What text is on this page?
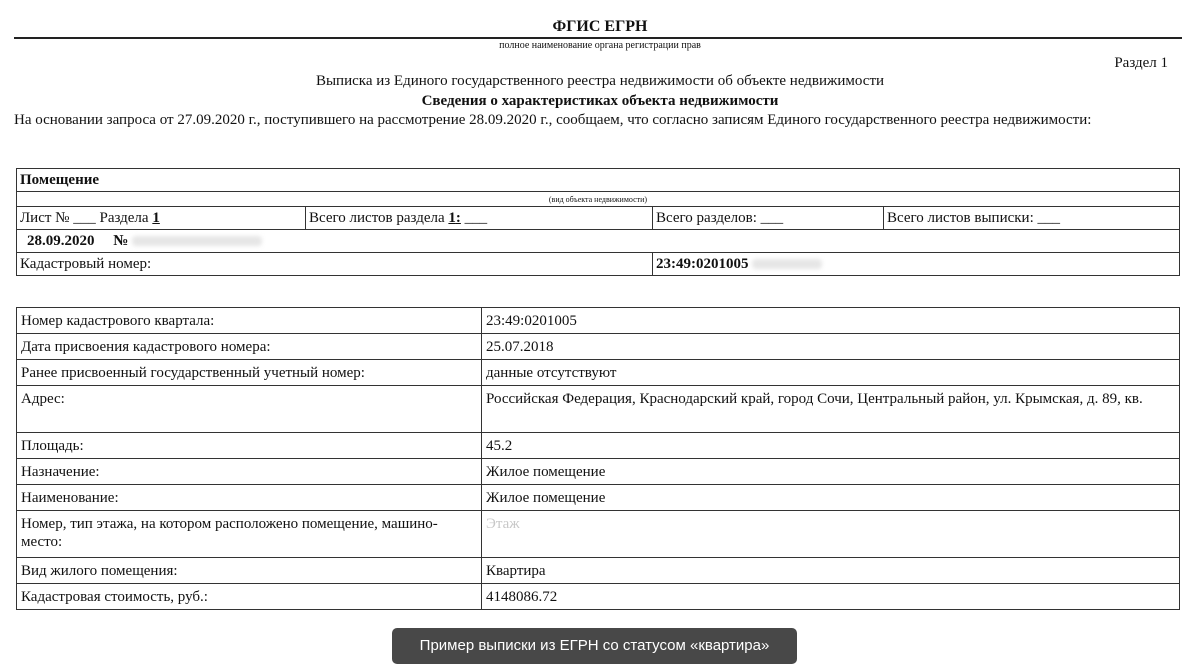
ФГИС ЕГРН
полное наименование органа регистрации прав
Раздел 1
Выписка из Единого государственного реестра недвижимости об объекте недвижимости
Сведения о характеристиках объекта недвижимости
На основании запроса от 27.09.2020 г., поступившего на рассмотрение 28.09.2020 г., сообщаем, что согласно записям Единого государственного реестра недвижимости:
Помещение			
(вид объекта недвижимости)			
Лист № ___ Раздела 1	Всего листов раздела 1: ___	Всего разделов: ___	Всего листов выписки: ___
28.09.2020 №			
Кадастровый номер:		23:49:0201005	
Номер кадастрового квартала:	23:49:0201005
Дата присвоения кадастрового номера:	25.07.2018
Ранее присвоенный государственный учетный номер:	данные отсутствуют
Адрес:	Российская Федерация, Краснодарский край, город Сочи, Центральный район, ул. Крымская, д. 89, кв.
Площадь:	45.2
Назначение:	Жилое помещение
Наименование:	Жилое помещение
Номер, тип этажа, на котором расположено помещение, машино-место:	Этаж
Вид жилого помещения:	Квартира
Кадастровая стоимость, руб.:	4148086.72
Пример выписки из ЕГРН со статусом «квартира»
